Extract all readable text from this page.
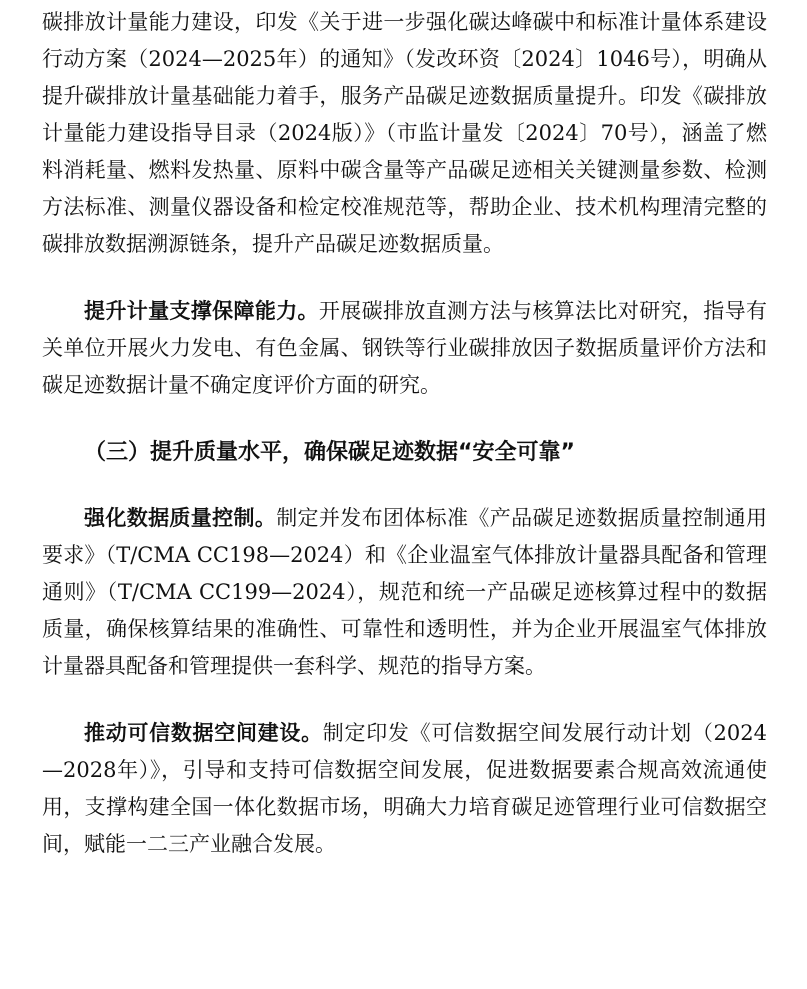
碳排放计量能力建设，印发《关于进一步强化碳达峰碳中和标准计量体系建设行动方案（2024—2025年）的通知》（发改环资〔2024〕1046号），明确从提升碳排放计量基础能力着手，服务产品碳足迹数据质量提升。印发《碳排放计量能力建设指导目录（2024版）》（市监计量发〔2024〕70号），涵盖了燃料消耗量、燃料发热量、原料中碳含量等产品碳足迹相关关键测量参数、检测方法标准、测量仪器设备和检定校准规范等，帮助企业、技术机构理清完整的碳排放数据溯源链条，提升产品碳足迹数据质量。

提升计量支撑保障能力。开展碳排放直测方法与核算法比对研究，指导有关单位开展火力发电、有色金属、钢铁等行业碳排放因子数据质量评价方法和碳足迹数据计量不确定度评价方面的研究。

（三）提升质量水平，确保碳足迹数据“安全可靠”

强化数据质量控制。制定并发布团体标准《产品碳足迹数据质量控制通用要求》（T/CMA CC198—2024）和《企业温室气体排放计量器具配备和管理通则》（T/CMA CC199—2024），规范和统一产品碳足迹核算过程中的数据质量，确保核算结果的准确性、可靠性和透明性，并为企业开展温室气体排放计量器具配备和管理提供一套科学、规范的指导方案。

推动可信数据空间建设。制定印发《可信数据空间发展行动计划（2024—2028年）》，引导和支持可信数据空间发展，促进数据要素合规高效流通使用，支撑构建全国一体化数据市场，明确大力培育碳足迹管理行业可信数据空间，赋能一二三产业融合发展。
